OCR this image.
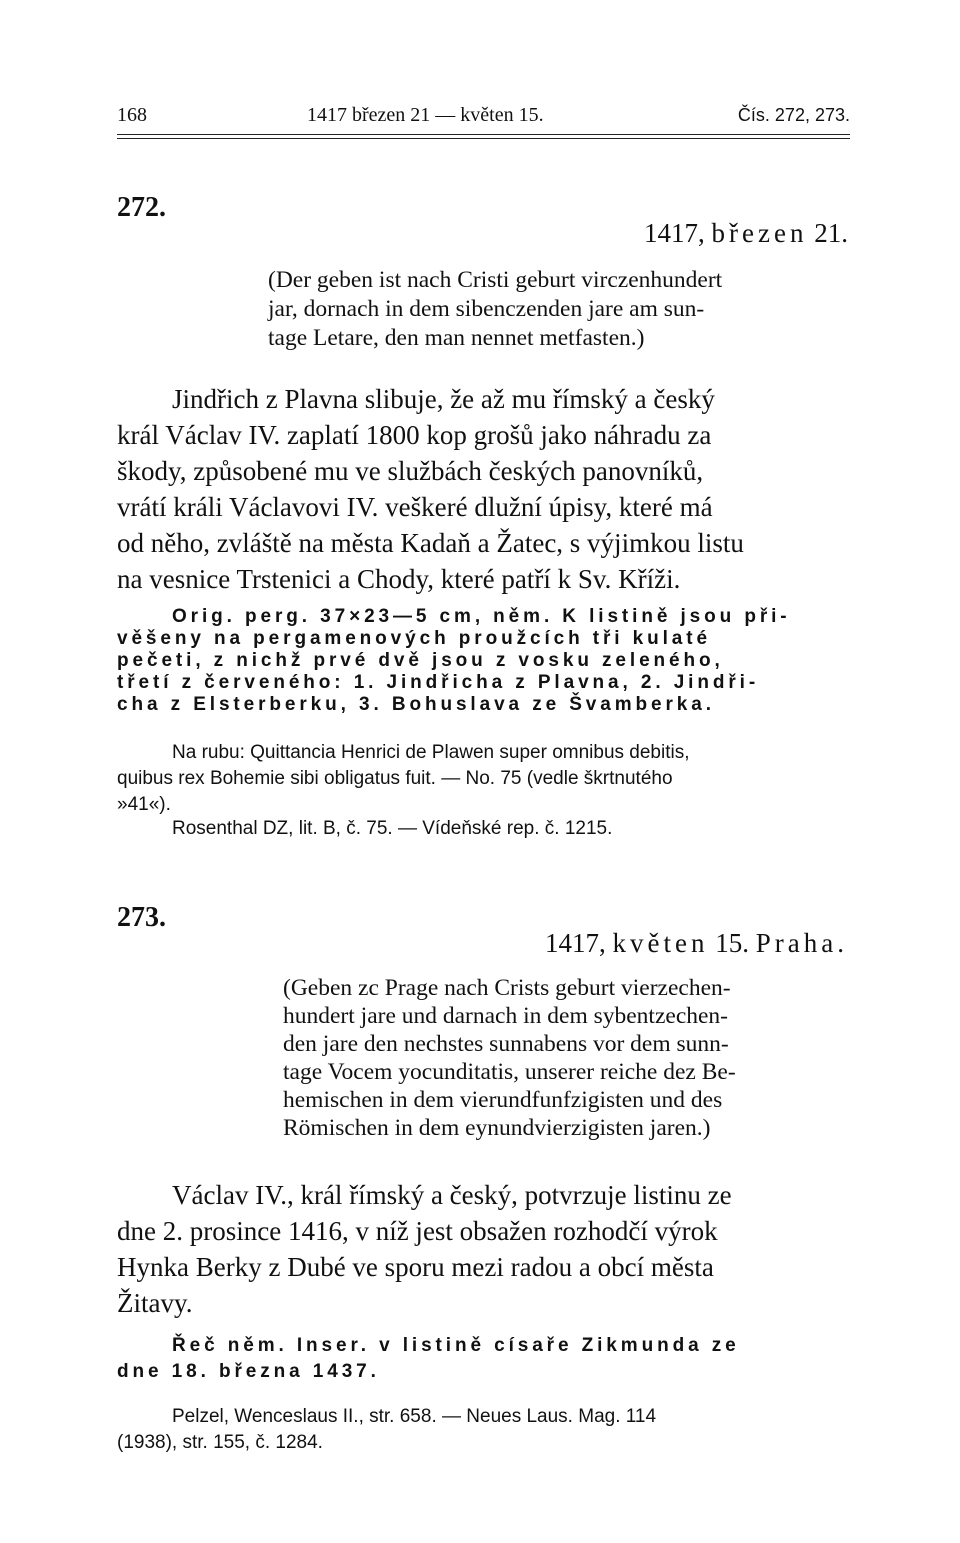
168	1417 březen 21 — květen 15.	Čís. 272, 273.
272.
1417, březen 21.
(Der geben ist nach Cristi geburt virczenhundert
jar, dornach in dem sibenczenden jare am sun-
tage Letare, den man nennet metfasten.)
Jindřich z Plavna slibuje, že až mu římský a český
král Václav IV. zaplatí 1800 kop grošů jako náhradu za
škody, způsobené mu ve službách českých panovníků,
vrátí králi Václavovi IV. veškeré dlužní úpisy, které má
od něho, zvláště na města Kadaň a Žatec, s výjimkou listu
na vesnice Trstenici a Chody, které patří k Sv. Kříži.
Orig. perg. 37×23—5 cm, něm. K listině jsou při-
věšeny na pergamenových proužcích tři kulaté
pečeti, z nichž prvé dvě jsou z vosku zeleného,
třetí z červeného: 1. Jindřicha z Plavna, 2. Jindři-
cha z Elsterberku, 3. Bohuslava ze Švamberka.
Na rubu: Quittancia Henrici de Plawen super omnibus debitis,
quibus rex Bohemie sibi obligatus fuit. — No. 75 (vedle škrtnutého
»41«).
Rosenthal DZ, lit. B, č. 75. — Vídeňské rep. č. 1215.
273.
1417, květen 15. Praha.
(Geben zc Prage nach Crists geburt vierzechen-
hundert jare und darnach in dem sybentzechen-
den jare den nechstes sunnabens vor dem sunn-
tage Vocem yocunditatis, unserer reiche dez Be-
hemischen in dem vierundfunfzigisten und des
Römischen in dem eynundvierzigisten jaren.)
Václav IV., král římský a český, potvrzuje listinu ze
dne 2. prosince 1416, v níž jest obsažen rozhodčí výrok
Hynka Berky z Dubé ve sporu mezi radou a obcí města
Žitavy.
Řeč něm. Inser. v listině císaře Zikmunda ze
dne 18. března 1437.
Pelzel, Wenceslaus II., str. 658. — Neues Laus. Mag. 114
(1938), str. 155, č. 1284.
